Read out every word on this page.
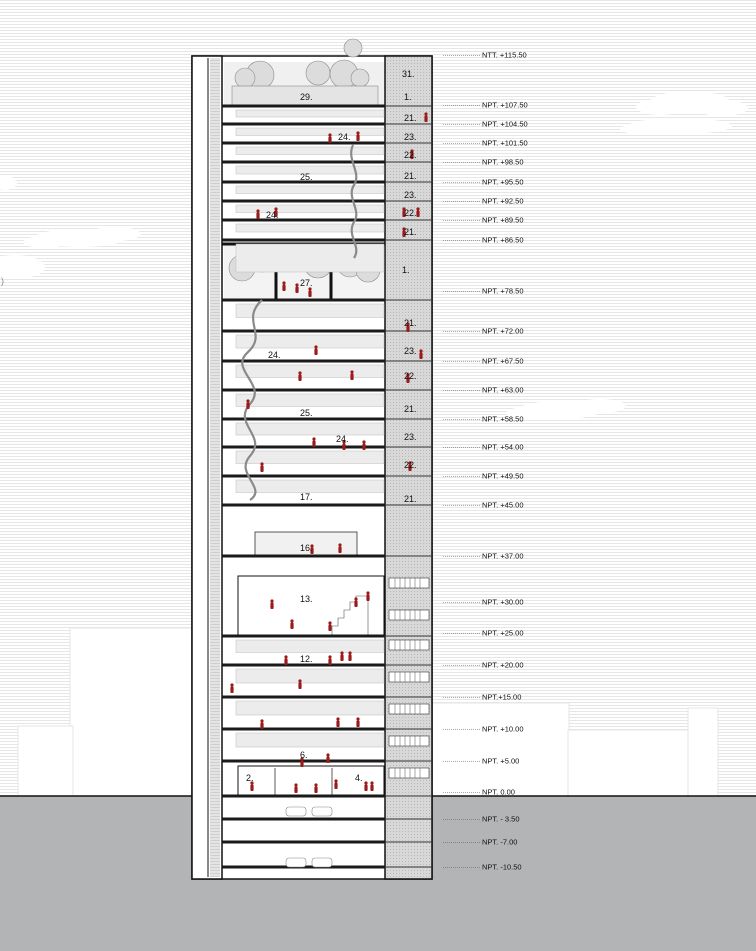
)
NTT. +115.50
NPT. +107.50
NPT. +104.50
NPT. +101.50
NPT. +98.50
NPT. +95.50
NPT. +92.50
NPT. +89.50
NPT. +86.50
NPT. +78.50
NPT. +72.00
NPT. +67.50
NPT. +63.00
NPT. +58.50
NPT. +54.00
NPT. +49.50
NPT. +45.00
NPT. +37.00
NPT. +30.00
NPT. +25.00
NPT. +20.00
NPT.+15.00
NPT. +10.00
NPT. +5.00
NPT. 0.00
NPT. - 3.50
NPT. -7.00
NPT. -10.50
31.
29.	1.
21.
24.	23.
22.
21.
25.
23.
24.	22.
21.
27.
1.
21.
24.	23.
22.
25.	21.
24.	23.
22.
17.	21.
16.
13.
12.
6.
2.	4.
